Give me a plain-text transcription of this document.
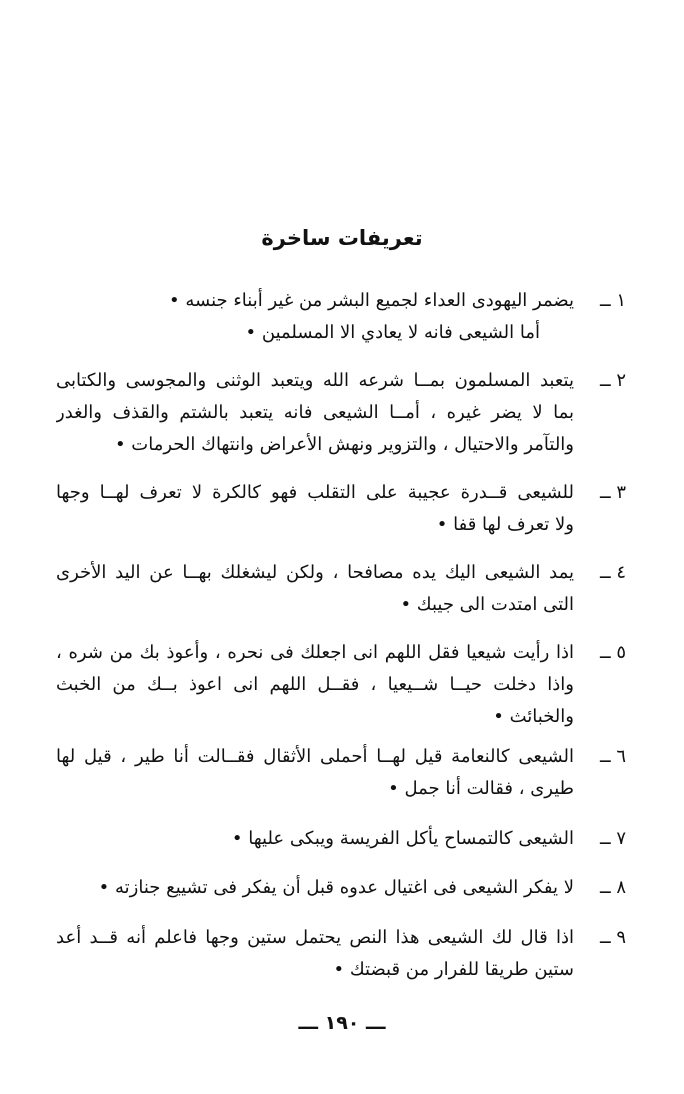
تعريفات ساخرة
١ ــ
يضمر اليهودى العداء لجميع البشر من غير أبناء جنسه •
أما الشيعى فانه لا يعادي الا المسلمين •
٢ ــ
يتعبد المسلمون بمــا شرعه الله ويتعبد الوثنى والمجوسى والكتابى
بما لا يضر غيره ، أمــا الشيعى فانه يتعبد بالشتم والقذف والغدر
والتآمر والاحتيال ، والتزوير ونهش الأعراض وانتهاك الحرمات •
٣ ــ
للشيعى قــدرة عجيبة على التقلب فهو كالكرة لا تعرف لهــا وجها
ولا تعرف لها قفا •
٤ ــ
يمد الشيعى اليك يده مصافحا ، ولكن ليشغلك بهــا عن اليد الأخرى
التى امتدت الى جيبك •
٥ ــ
اذا رأيت شيعيا فقل اللهم انى اجعلك فى نحره ، وأعوذ بك من شره ،
واذا دخلت حيــا شــيعيا ، فقــل اللهم انى اعوذ بــك من الخبث
والخبائث •
٦ ــ
الشيعى كالنعامة قيل لهــا أحملى الأثقال فقــالت أنا طير ، قيل لها
طيرى ، فقالت أنا جمل •
٧ ــ
الشيعى كالتمساح يأكل الفريسة ويبكى عليها •
٨ ــ
لا يفكر الشيعى فى اغتيال عدوه قبل أن يفكر فى تشييع جنازته •
٩ ــ
اذا قال لك الشيعى هذا النص يحتمل ستين وجها فاعلم أنه قــد أعد
ستين طريقا للفرار من قبضتك •
ـــ ١٩٠ ـــ
